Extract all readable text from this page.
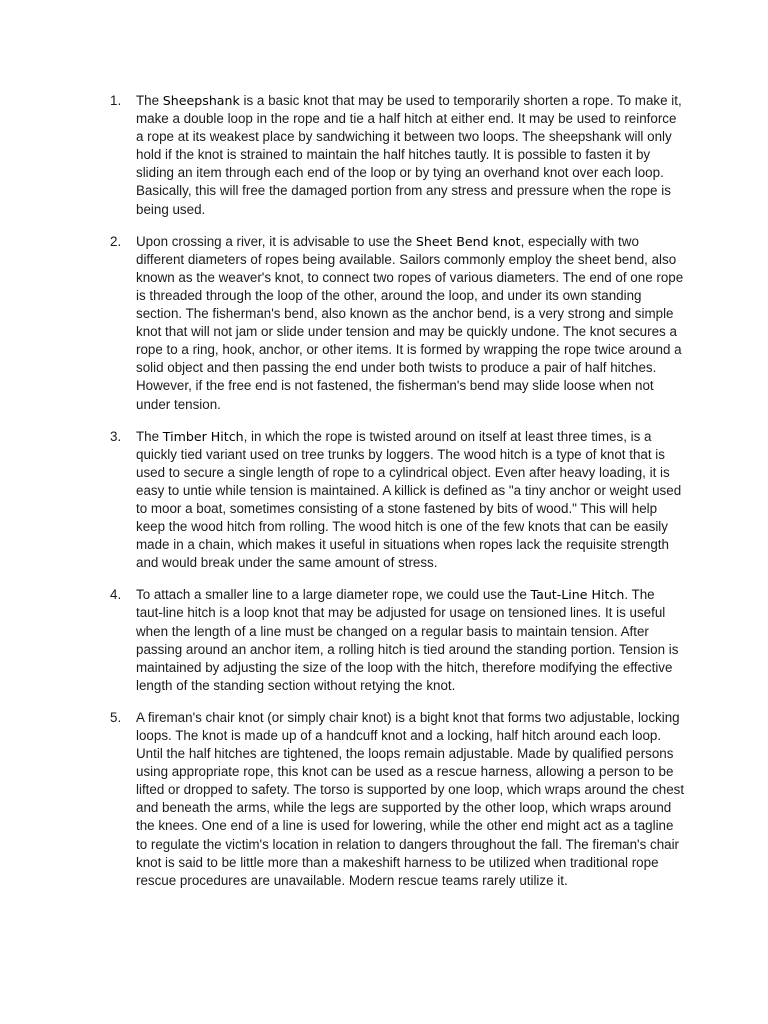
1. The Sheepshank is a basic knot that may be used to temporarily shorten a rope. To make it, make a double loop in the rope and tie a half hitch at either end. It may be used to reinforce a rope at its weakest place by sandwiching it between two loops. The sheepshank will only hold if the knot is strained to maintain the half hitches tautly. It is possible to fasten it by sliding an item through each end of the loop or by tying an overhand knot over each loop. Basically, this will free the damaged portion from any stress and pressure when the rope is being used.
2. Upon crossing a river, it is advisable to use the Sheet Bend knot, especially with two different diameters of ropes being available. Sailors commonly employ the sheet bend, also known as the weaver's knot, to connect two ropes of various diameters. The end of one rope is threaded through the loop of the other, around the loop, and under its own standing section. The fisherman's bend, also known as the anchor bend, is a very strong and simple knot that will not jam or slide under tension and may be quickly undone. The knot secures a rope to a ring, hook, anchor, or other items. It is formed by wrapping the rope twice around a solid object and then passing the end under both twists to produce a pair of half hitches. However, if the free end is not fastened, the fisherman's bend may slide loose when not under tension.
3. The Timber Hitch, in which the rope is twisted around on itself at least three times, is a quickly tied variant used on tree trunks by loggers. The wood hitch is a type of knot that is used to secure a single length of rope to a cylindrical object. Even after heavy loading, it is easy to untie while tension is maintained. A killick is defined as "a tiny anchor or weight used to moor a boat, sometimes consisting of a stone fastened by bits of wood." This will help keep the wood hitch from rolling. The wood hitch is one of the few knots that can be easily made in a chain, which makes it useful in situations when ropes lack the requisite strength and would break under the same amount of stress.
4. To attach a smaller line to a large diameter rope, we could use the Taut-Line Hitch. The taut-line hitch is a loop knot that may be adjusted for usage on tensioned lines. It is useful when the length of a line must be changed on a regular basis to maintain tension. After passing around an anchor item, a rolling hitch is tied around the standing portion. Tension is maintained by adjusting the size of the loop with the hitch, therefore modifying the effective length of the standing section without retying the knot.
5. A fireman's chair knot (or simply chair knot) is a bight knot that forms two adjustable, locking loops. The knot is made up of a handcuff knot and a locking, half hitch around each loop. Until the half hitches are tightened, the loops remain adjustable. Made by qualified persons using appropriate rope, this knot can be used as a rescue harness, allowing a person to be lifted or dropped to safety. The torso is supported by one loop, which wraps around the chest and beneath the arms, while the legs are supported by the other loop, which wraps around the knees. One end of a line is used for lowering, while the other end might act as a tagline to regulate the victim's location in relation to dangers throughout the fall. The fireman's chair knot is said to be little more than a makeshift harness to be utilized when traditional rope rescue procedures are unavailable. Modern rescue teams rarely utilize it.
